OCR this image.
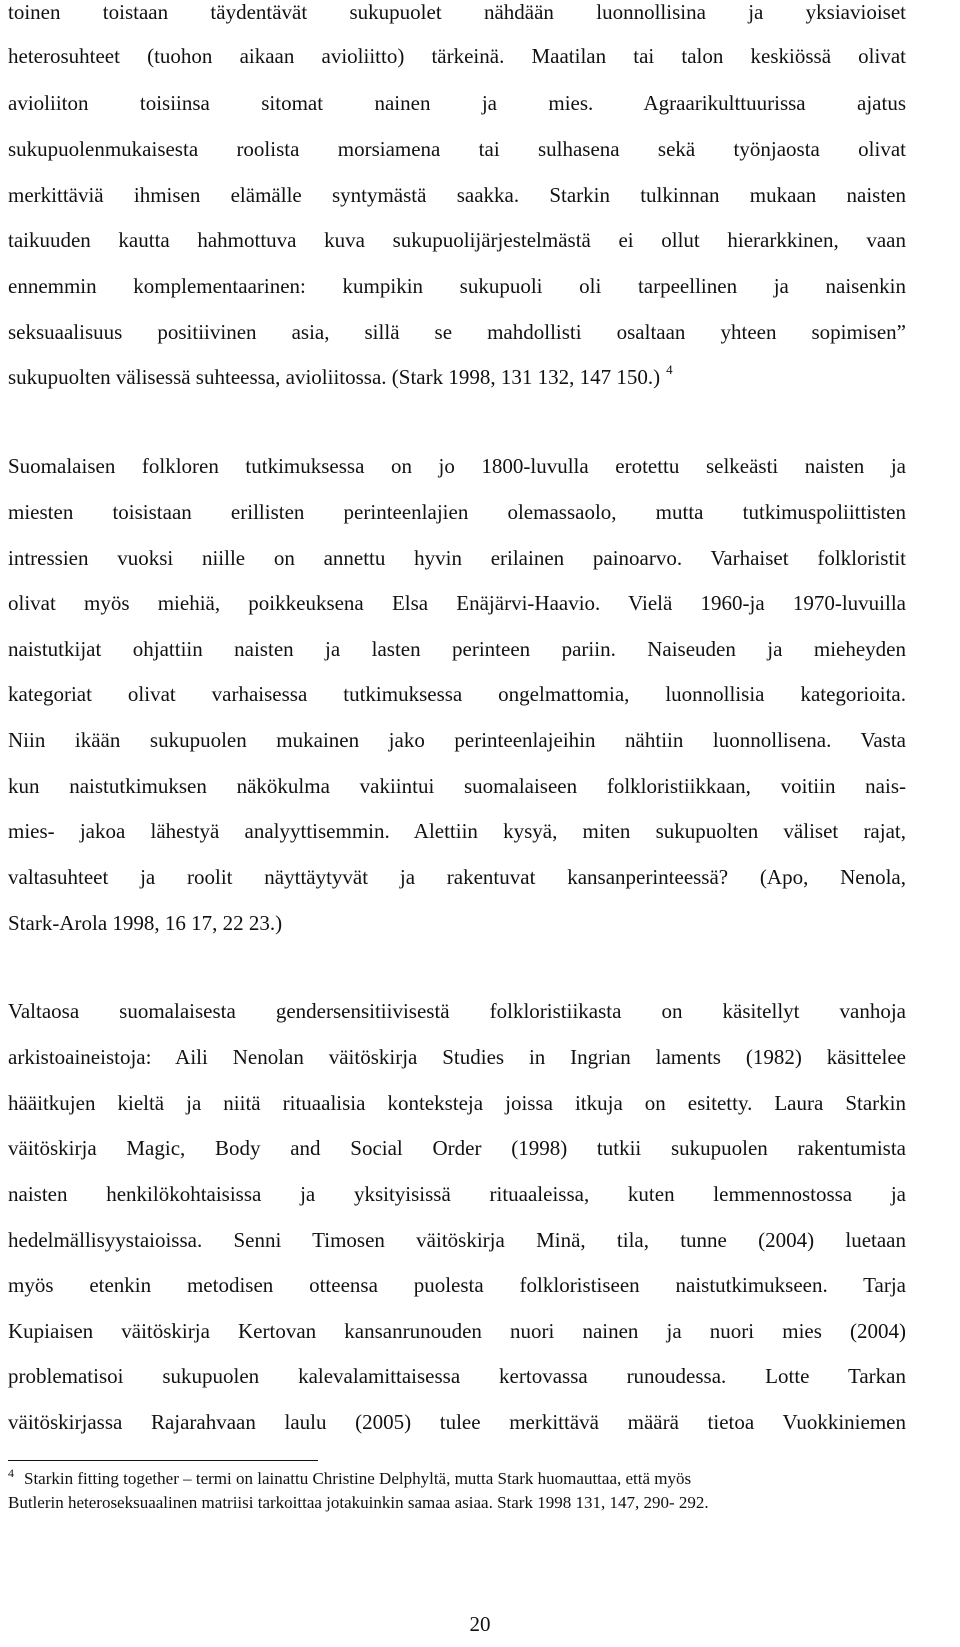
toinen toistaan täydentävät sukupuolet nähdään luonnollisina ja yksiavioiset

heterosuhteet (tuohon aikaan avioliitto) tärkeinä. Maatilan tai talon keskiössä olivat

avioliiton toisiinsa sitomat nainen ja mies. Agraarikulttuurissa ajatus

sukupuolenmukaisesta roolista morsiamena tai sulhasena sekä työnjaosta olivat

merkittäviä ihmisen elämälle syntymästä saakka. Starkin tulkinnan mukaan naisten

taikuuden kautta hahmottuva kuva sukupuolijärjestelmästä ei ollut hierarkkinen, vaan

ennemmin komplementaarinen: kumpikin sukupuoli oli tarpeellinen ja naisenkin

seksuaalisuus positiivinen asia, sillä se mahdollisti osaltaan yhteen sopimisen”

sukupuolten välisessä suhteessa, avioliitossa. (Stark 1998, 131 132, 147 150.) $^4$

Suomalaisen folkloren tutkimuksessa on jo 1800-luvulla erotettu selkeästi naisten ja

miesten toisistaan erillisten perinteenlajien olemassaolo, mutta tutkimuspoliittisten

intressien vuoksi niille on annettu hyvin erilainen painoarvo. Varhaiset folkloristit

olivat myös miehiä, poikkeuksena Elsa Enäjärvi-Haavio. Vielä 1960-ja 1970-luvuilla

naistutkijat ohjattiin naisten ja lasten perinteen pariin. Naiseuden ja mieheyden

kategoriat olivat varhaisessa tutkimuksessa ongelmattomia, luonnollisia kategorioita.

Niin ikään sukupuolen mukainen jako perinteenlajeihin nähtiin luonnollisena. Vasta

kun naistutkimuksen näkökulma vakiintui suomalaiseen folkloristiikkaan, voitiin nais-

mies- jakoa lähestyä analyyttisemmin. Alettiin kysyä, miten sukupuolten väliset rajat,

valtasuhteet ja roolit näyttäytyvät ja rakentuvat kansanperinteessä? (Apo, Nenola,

Stark-Arola 1998, 16 17, 22 23.)

Valtaosa suomalaisesta gendersensitiivisestä folkloristiikasta on käsitellyt vanhoja

arkistoaineistoja: Aili Nenolan väitöskirja Studies in Ingrian laments (1982) käsittelee

hääitkujen kieltä ja niitä rituaalisia konteksteja joissa itkuja on esitetty. Laura Starkin

väitöskirja Magic, Body and Social Order (1998) tutkii sukupuolen rakentumista

naisten henkilökohtaisissa ja yksityisissä rituaaleissa, kuten lemmennostossa ja

hedelmällisyystaioissa. Senni Timosen väitöskirja Minä, tila, tunne (2004) luetaan

myös etenkin metodisen otteensa puolesta folkloristiseen naistutkimukseen. Tarja

Kupiaisen väitöskirja Kertovan kansanrunouden nuori nainen ja nuori mies (2004)

problematisoi sukupuolen kalevalamittaisessa kertovassa runoudessa. Lotte Tarkan

väitöskirjassa Rajarahvaan laulu (2005) tulee merkittävä määrä tietoa Vuokkiniemen

$^4$ Starkin fitting together – termi on lainattu Christine Delphyltä, mutta Stark huomauttaa, että myös

Butlerin heteroseksuaalinen matriisi tarkoittaa jotakuinkin samaa asiaa. Stark 1998 131, 147, 290- 292.

20
